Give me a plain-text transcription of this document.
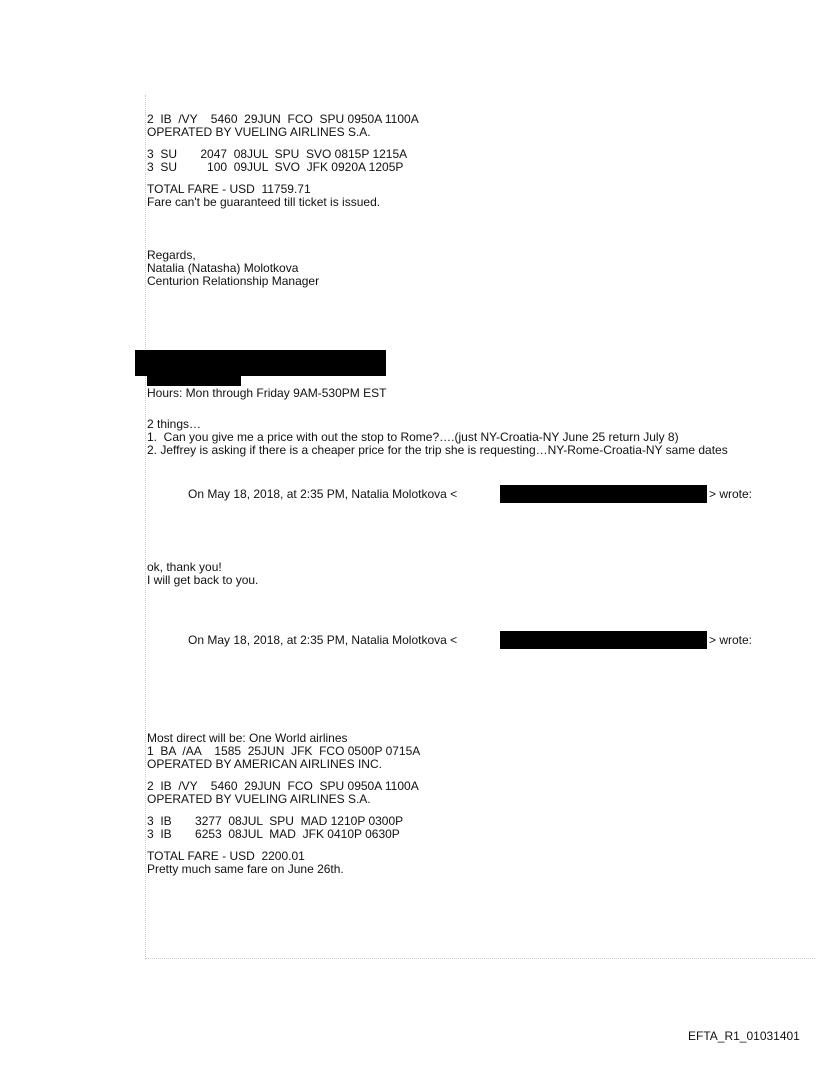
2  IB  /VY    5460  29JUN  FCO  SPU 0950A 1100A
OPERATED BY VUELING AIRLINES S.A.
3  SU       2047  08JUL  SPU  SVO 0815P 1215A
3  SU         100  09JUL  SVO  JFK 0920A 1205P
TOTAL FARE - USD  11759.71
Fare can't be guaranteed till ticket is issued.
Regards,
Natalia (Natasha) Molotkova
Centurion Relationship Manager
Hours: Mon through Friday 9AM-530PM EST
2 things…
1.  Can you give me a price with out the stop to Rome?….(just NY-Croatia-NY June 25 return July 8)
2. Jeffrey is asking if there is a cheaper price for the trip she is requesting…NY-Rome-Croatia-NY same dates
On May 18, 2018, at 2:35 PM, Natalia Molotkova <	> wrote:
ok, thank you!
I will get back to you.
On May 18, 2018, at 2:35 PM, Natalia Molotkova <	> wrote:
Most direct will be: One World airlines
1  BA  /AA    1585  25JUN  JFK  FCO 0500P 0715A
OPERATED BY AMERICAN AIRLINES INC.
2  IB  /VY    5460  29JUN  FCO  SPU 0950A 1100A
OPERATED BY VUELING AIRLINES S.A.
3  IB       3277  08JUL  SPU  MAD 1210P 0300P
3  IB       6253  08JUL  MAD  JFK 0410P 0630P
TOTAL FARE - USD  2200.01
Pretty much same fare on June 26th.
EFTA_R1_01031401
